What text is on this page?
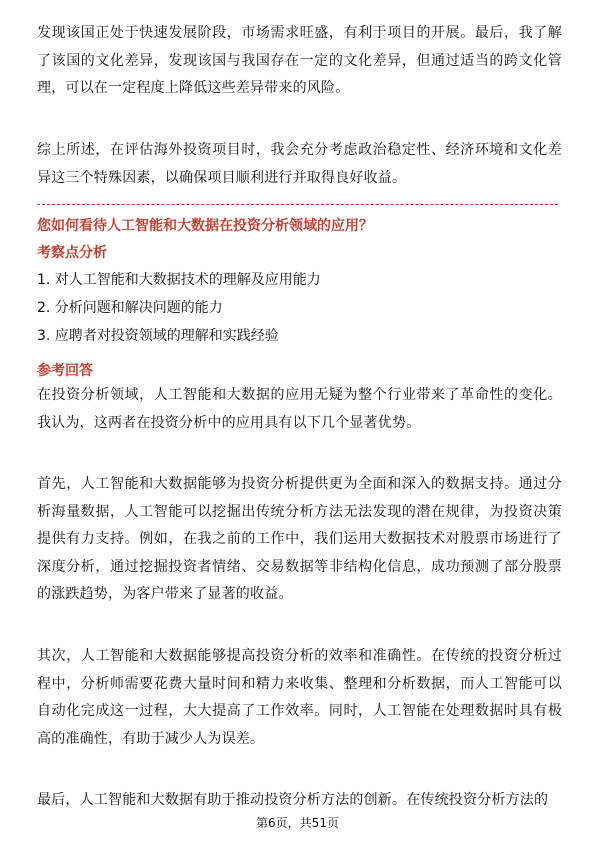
发现该国正处于快速发展阶段，市场需求旺盛，有利于项目的开展。最后，我了解了该国的文化差异，发现该国与我国存在一定的文化差异，但通过适当的跨文化管理，可以在一定程度上降低这些差异带来的风险。

综上所述，在评估海外投资项目时，我会充分考虑政治稳定性、经济环境和文化差异这三个特殊因素，以确保项目顺利进行并取得良好收益。

您如何看待人工智能和大数据在投资分析领域的应用？
考察点分析
1. 对人工智能和大数据技术的理解及应用能力
2. 分析问题和解决问题的能力
3. 应聘者对投资领域的理解和实践经验
参考回答

在投资分析领域，人工智能和大数据的应用无疑为整个行业带来了革命性的变化。我认为，这两者在投资分析中的应用具有以下几个显著优势。

首先，人工智能和大数据能够为投资分析提供更为全面和深入的数据支持。通过分析海量数据，人工智能可以挖掘出传统分析方法无法发现的潜在规律，为投资决策提供有力支持。例如，在我之前的工作中，我们运用大数据技术对股票市场进行了深度分析，通过挖掘投资者情绪、交易数据等非结构化信息，成功预测了部分股票的涨跌趋势，为客户带来了显著的收益。

其次，人工智能和大数据能够提高投资分析的效率和准确性。在传统的投资分析过程中，分析师需要花费大量时间和精力来收集、整理和分析数据，而人工智能可以自动化完成这一过程，大大提高了工作效率。同时，人工智能在处理数据时具有极高的准确性，有助于减少人为误差。

最后，人工智能和大数据有助于推动投资分析方法的创新。在传统投资分析方法的

第6页，共51页
